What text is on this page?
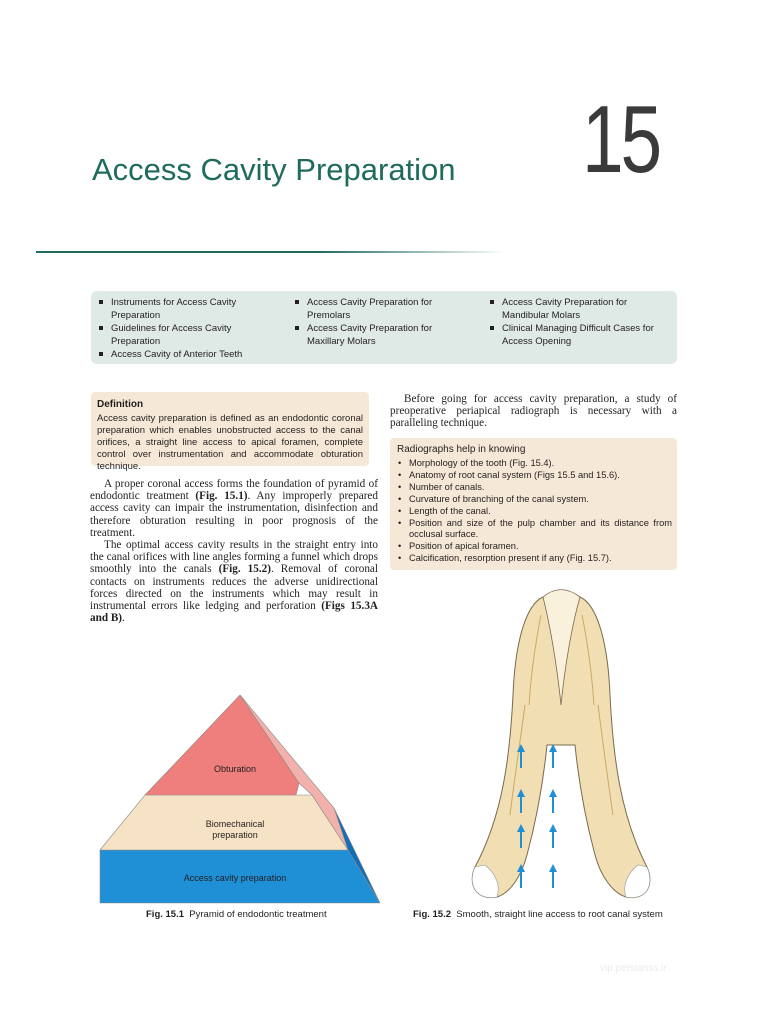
Access Cavity Preparation 15
Instruments for Access Cavity Preparation
Guidelines for Access Cavity Preparation
Access Cavity of Anterior Teeth
Access Cavity Preparation for Premolars
Access Cavity Preparation for Maxillary Molars
Access Cavity Preparation for Mandibular Molars
Clinical Managing Difficult Cases for Access Opening
Definition
Access cavity preparation is defined as an endodontic coronal preparation which enables unobstructed access to the canal orifices, a straight line access to apical foramen, complete control over instrumentation and accommodate obturation technique.

A proper coronal access forms the foundation of pyramid of endodontic treatment (Fig. 15.1). Any improperly prepared access cavity can impair the instrumentation, disinfection and therefore obturation resulting in poor prognosis of the treatment.

The optimal access cavity results in the straight entry into the canal orifices with line angles forming a funnel which drops smoothly into the canals (Fig. 15.2). Removal of coronal contacts on instruments reduces the adverse unidirectional forces directed on the instruments which may result in instrumental errors like ledging and perforation (Figs 15.3A and B).

Before going for access cavity preparation, a study of preoperative periapical radiograph is necessary with a paralleling technique.

Radiographs help in knowing
• Morphology of the tooth (Fig. 15.4).
• Anatomy of root canal system (Figs 15.5 and 15.6).
• Number of canals.
• Curvature of branching of the canal system.
• Length of the canal.
• Position and size of the pulp chamber and its distance from occlusal surface.
• Position of apical foramen.
• Calcification, resorption present if any (Fig. 15.7).
Obturation
Biomechanical
preparation
Access cavity preparation
Fig. 15.1 Pyramid of endodontic treatment	Fig. 15.2 Smooth, straight line access to root canal system
vip.persianss.ir
